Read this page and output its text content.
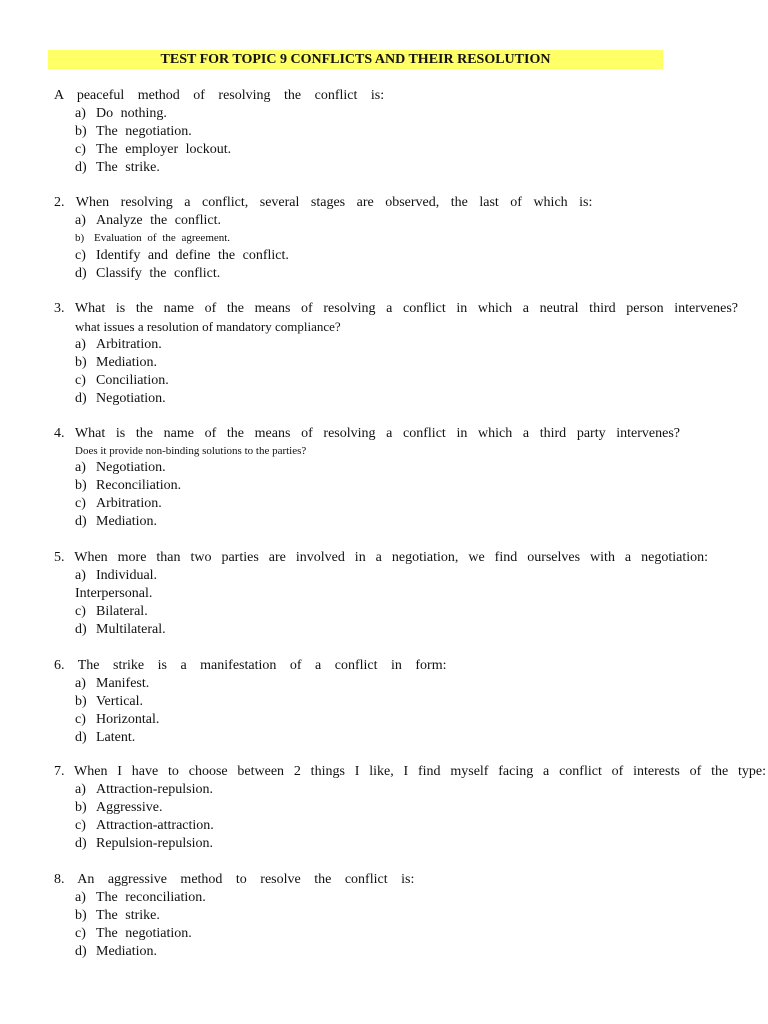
TEST FOR TOPIC 9 CONFLICTS AND THEIR RESOLUTION
A peaceful method of resolving the conflict is:
a) Do nothing.
b) The negotiation.
c) The employer lockout.
d) The strike.
2. When resolving a conflict, several stages are observed, the last of which is:
a) Analyze the conflict.
b) Evaluation of the agreement.
c) Identify and define the conflict.
d) Classify the conflict.
3. What is the name of the means of resolving a conflict in which a neutral third person intervenes?
what issues a resolution of mandatory compliance?
a) Arbitration.
b) Mediation.
c) Conciliation.
d) Negotiation.
4. What is the name of the means of resolving a conflict in which a third party intervenes?
Does it provide non-binding solutions to the parties?
a) Negotiation.
b) Reconciliation.
c) Arbitration.
d) Mediation.
5. When more than two parties are involved in a negotiation, we find ourselves with a negotiation:
a) Individual.
Interpersonal.
c) Bilateral.
d) Multilateral.
6. The strike is a manifestation of a conflict in form:
a) Manifest.
b) Vertical.
c) Horizontal.
d) Latent.
7. When I have to choose between 2 things I like, I find myself facing a conflict of interests of the type:
a) Attraction-repulsion.
b) Aggressive.
c) Attraction-attraction.
d) Repulsion-repulsion.
8. An aggressive method to resolve the conflict is:
a) The reconciliation.
b) The strike.
c) The negotiation.
d) Mediation.
